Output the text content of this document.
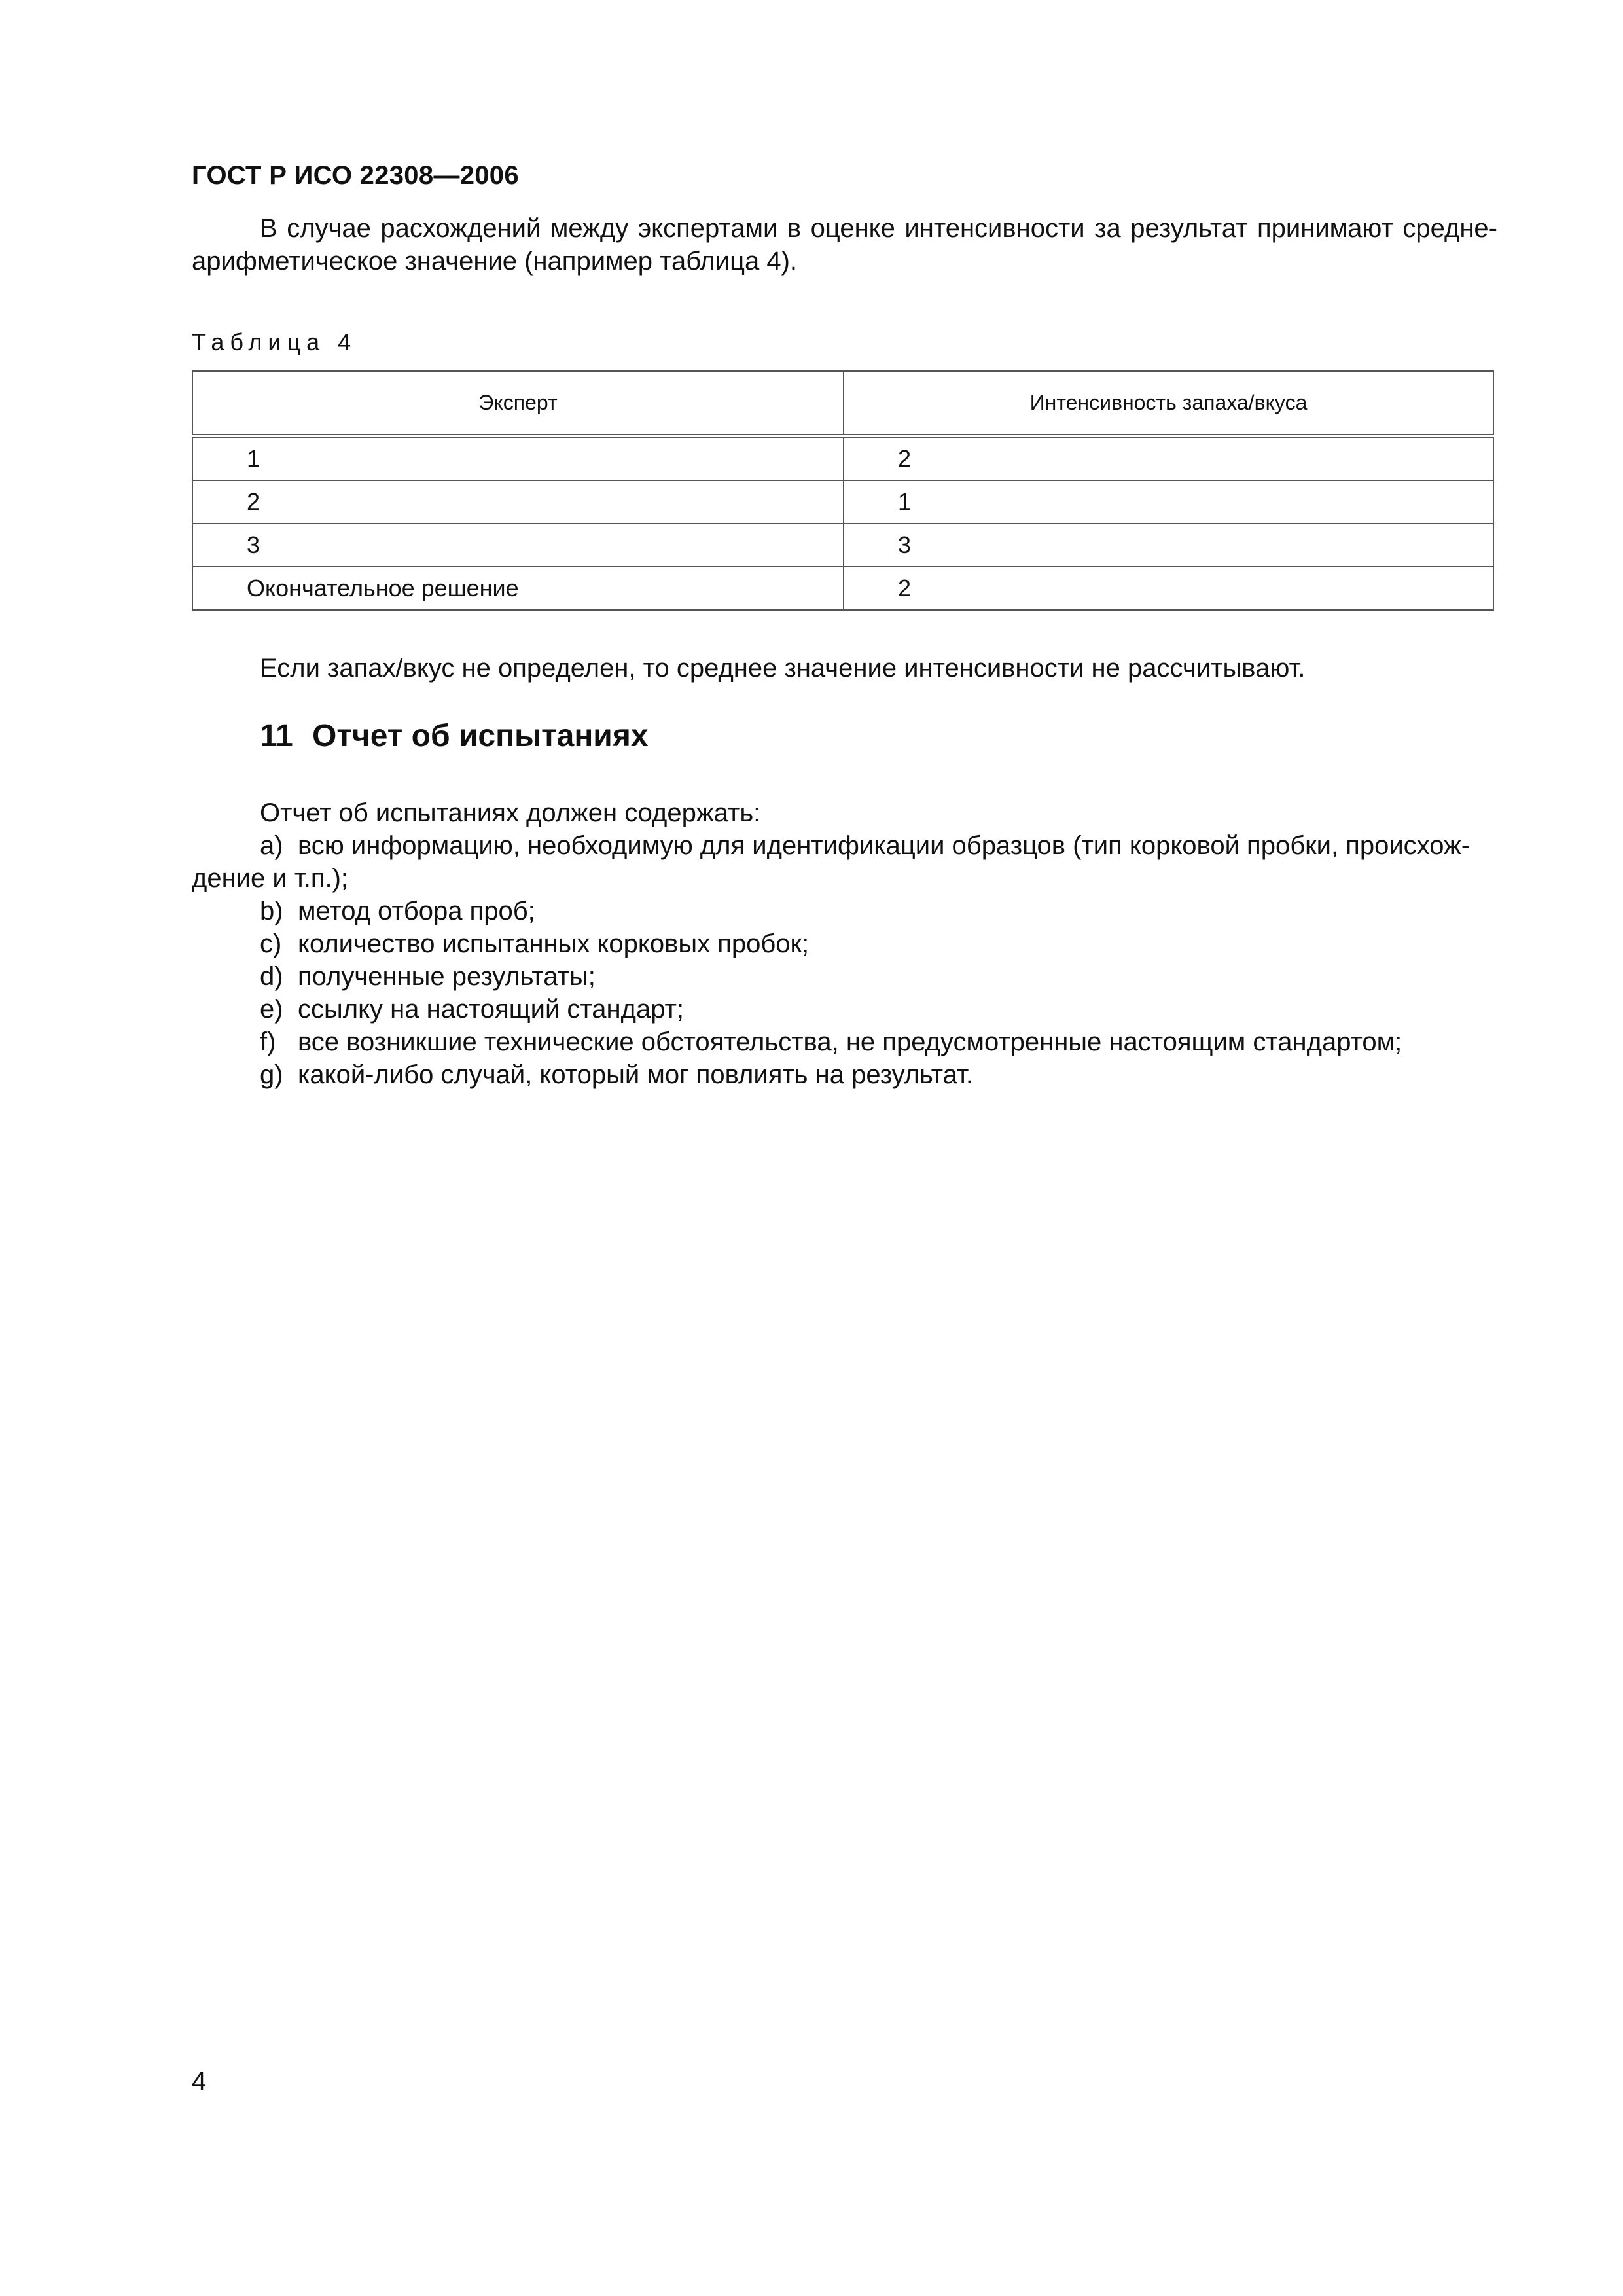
ГОСТ Р ИСО 22308—2006

В случае расхождений между экспертами в оценке интенсивности за результат принимают средне-арифметическое значение (например таблица 4).

Таблица 4
Эксперт	Интенсивность запаха/вкуса
1	2
2	1
3	3
Окончательное решение	2

Если запах/вкус не определен, то среднее значение интенсивности не рассчитывают.

11 Отчет об испытаниях
Отчет об испытаниях должен содержать:
a) всю информацию, необходимую для идентификации образцов (тип корковой пробки, происхож-
дение и т.п.);
b) метод отбора проб;
c) количество испытанных корковых пробок;
d) полученные результаты;
e) ссылку на настоящий стандарт;
f) все возникшие технические обстоятельства, не предусмотренные настоящим стандартом;
g) какой-либо случай, который мог повлиять на результат.
4
